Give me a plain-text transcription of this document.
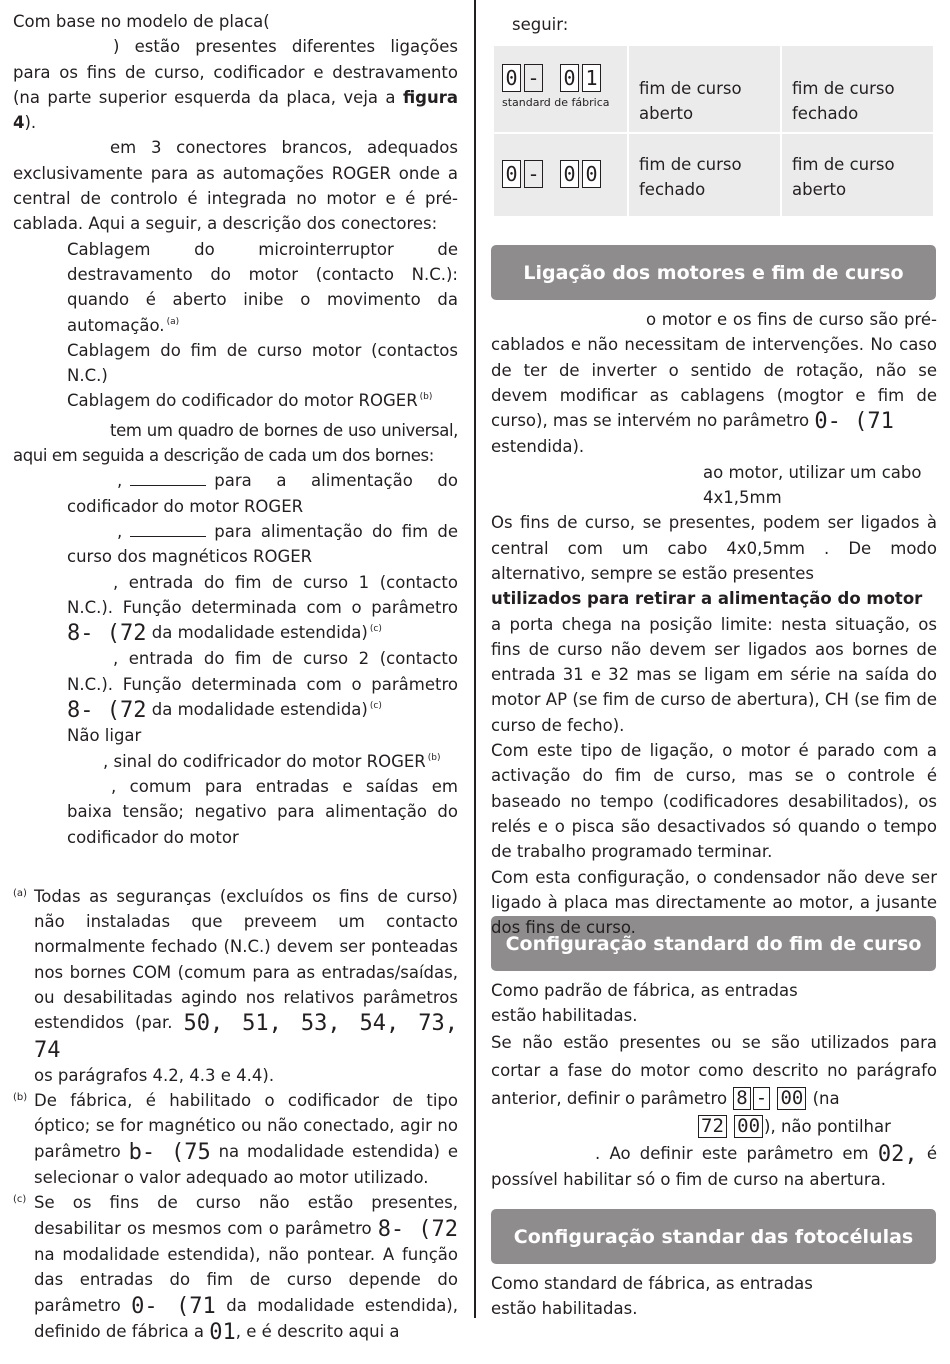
Com base no modelo de placa(
) estão presentes diferentes ligações para os fins de curso, codificador e destravamento (na parte superior esquerda da placa, veja a figura 4).

em 3 conectores brancos, adequados exclusivamente para as automações ROGER onde a central de controlo é integrada no motor e é pré-cablada. Aqui a seguir, a descrição dos conectores:

Cablagem do microinterruptor de destravamento do motor (contacto N.C.): quando é aberto inibe o movimento da automação. $^{(a)}$

Cablagem do fim de curso motor (contactos N.C.)

Cablagem do codificador do motor ROGER $^{(b)}$

tem um quadro de bornes de uso universal, aqui em seguida a descrição de cada um dos bornes:

,	para a alimentação do codificador do motor ROGER

,	para alimentação do fim de curso dos magnéticos ROGER

, entrada do fim de curso 1 (contacto N.C.). Função determinada com o parâmetro 8- (72 da modalidade estendida) $^{(c)}$

, entrada do fim de curso 2 (contacto N.C.). Função determinada com o parâmetro 8- (72 da modalidade estendida) $^{(c)}$

Não ligar

, sinal do codifricador do motor ROGER $^{(b)}$

, comum para entradas e saídas em baixa tensão; negativo para alimentação do codificador do motor

(a) Todas as seguranças (excluídos os fins de curso) não instaladas que preveem um contacto normalmente fechado (N.C.) devem ser ponteadas nos bornes COM (comum para as entradas/saídas, ou desabilitadas agindo nos relativos parâmetros estendidos (par. 50, 51, 53, 54, 73, 74
os parágrafos 4.2, 4.3 e 4.4).

(b) De fábrica, é habilitado o codificador de tipo óptico; se for magnético ou não conectado, agir no parâmetro b- (75 na modalidade estendida) e selecionar o valor adequado ao motor utilizado.

(c) Se os fins de curso não estão presentes, desabilitar os mesmos com o parâmetro 8- (72 na modalidade estendida), não pontear. A função das entradas do fim de curso depende do parâmetro 0- (71 da modalidade estendida), definido de fábrica a 01, e é descrito aqui a

seguir:
0 - 0 1
standard de fábrica	fim de curso aberto	fim de curso fechado

0 - 0 0	fim de curso fechado	fim de curso aberto
Ligação dos motores e fim de curso
Configuração standard do fim de curso
Configuração standar das fotocélulas

o motor e os fins de curso são pré-cablados e não necessitam de intervenções. No caso de ter de inverter o sentido de rotação, não se devem modificar as cablagens (mogtor e fim de curso), mas se intervém no parâmetro 0- (71
estendida).

ao motor, utilizar um cabo 4x1,5mm

Os fins de curso, se presentes, podem ser ligados à central com um cabo 4x0,5mm . De modo alternativo, sempre se estão presentes

utilizados para retirar a alimentação do motor

a porta chega na posição limite: nesta situação, os fins de curso não devem ser ligados aos bornes de entrada 31 e 32 mas se ligam em série na saída do motor AP (se fim de curso de abertura), CH (se fim de curso de fecho).

Com este tipo de ligação, o motor é parado com a activação do fim de curso, mas se o controle é baseado no tempo (codificadores desabilitados), os relés e o pisca são desactivados só quando o tempo de trabalho programado terminar.

Com esta configuração, o condensador não deve ser ligado à placa mas directamente ao motor, a jusante dos fins de curso.

Como padrão de fábrica, as entradas
estão habilitadas.

Se não estão presentes ou se são utilizados para cortar a fase do motor como descrito no parágrafo anterior, definir o parâmetro 8 - 00 (na
72 00 ), não pontilhar

. Ao definir este parâmetro em 02, é possível habilitar só o fim de curso na abertura.

Como standard de fábrica, as entradas
estão habilitadas.
